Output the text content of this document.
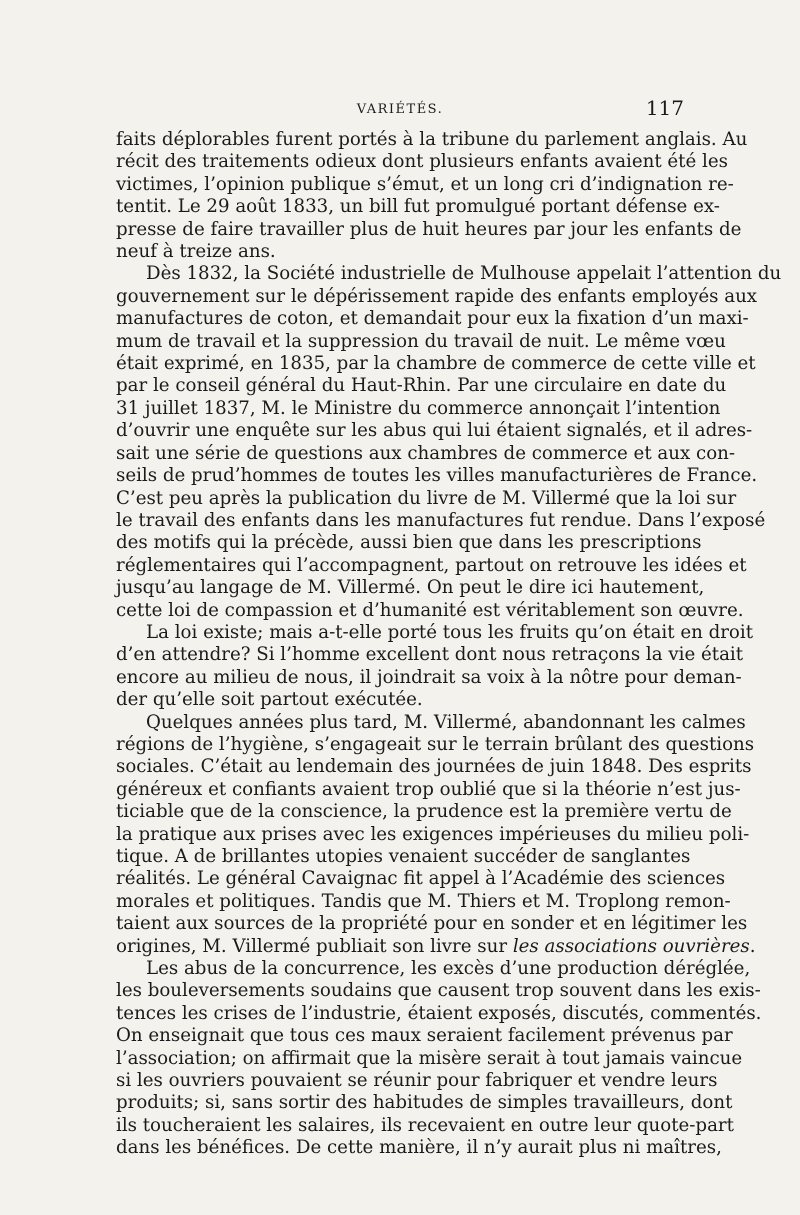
VARIÉTÉS.	117

faits déplorables furent portés à la tribune du parlement anglais. Au
récit des traitements odieux dont plusieurs enfants avaient été les
victimes, l’opinion publique s’émut, et un long cri d’indignation re-
tentit. Le 29 août 1833, un bill fut promulgué portant défense ex-
presse de faire travailler plus de huit heures par jour les enfants de
neuf à treize ans.

Dès 1832, la Société industrielle de Mulhouse appelait l’attention du
gouvernement sur le dépérissement rapide des enfants employés aux
manufactures de coton, et demandait pour eux la fixation d’un maxi-
mum de travail et la suppression du travail de nuit. Le même vœu
était exprimé, en 1835, par la chambre de commerce de cette ville et
par le conseil général du Haut-Rhin. Par une circulaire en date du
31 juillet 1837, M. le Ministre du commerce annonçait l’intention
d’ouvrir une enquête sur les abus qui lui étaient signalés, et il adres-
sait une série de questions aux chambres de commerce et aux con-
seils de prud’hommes de toutes les villes manufacturières de France.
C’est peu après la publication du livre de M. Villermé que la loi sur
le travail des enfants dans les manufactures fut rendue. Dans l’exposé
des motifs qui la précède, aussi bien que dans les prescriptions
réglementaires qui l’accompagnent, partout on retrouve les idées et
jusqu’au langage de M. Villermé. On peut le dire ici hautement,
cette loi de compassion et d’humanité est véritablement son œuvre.

La loi existe; mais a-t-elle porté tous les fruits qu’on était en droit
d’en attendre? Si l’homme excellent dont nous retraçons la vie était
encore au milieu de nous, il joindrait sa voix à la nôtre pour deman-
der qu’elle soit partout exécutée.

Quelques années plus tard, M. Villermé, abandonnant les calmes
régions de l’hygiène, s’engageait sur le terrain brûlant des questions
sociales. C’était au lendemain des journées de juin 1848. Des esprits
généreux et confiants avaient trop oublié que si la théorie n’est jus-
ticiable que de la conscience, la prudence est la première vertu de
la pratique aux prises avec les exigences impérieuses du milieu poli-
tique. A de brillantes utopies venaient succéder de sanglantes
réalités. Le général Cavaignac fit appel à l’Académie des sciences
morales et politiques. Tandis que M. Thiers et M. Troplong remon-
taient aux sources de la propriété pour en sonder et en légitimer les
origines, M. Villermé publiait son livre sur les associations ouvrières.

Les abus de la concurrence, les excès d’une production déréglée,
les bouleversements soudains que causent trop souvent dans les exis-
tences les crises de l’industrie, étaient exposés, discutés, commentés.
On enseignait que tous ces maux seraient facilement prévenus par
l’association; on affirmait que la misère serait à tout jamais vaincue
si les ouvriers pouvaient se réunir pour fabriquer et vendre leurs
produits; si, sans sortir des habitudes de simples travailleurs, dont
ils toucheraient les salaires, ils recevaient en outre leur quote-part
dans les bénéfices. De cette manière, il n’y aurait plus ni maîtres,
